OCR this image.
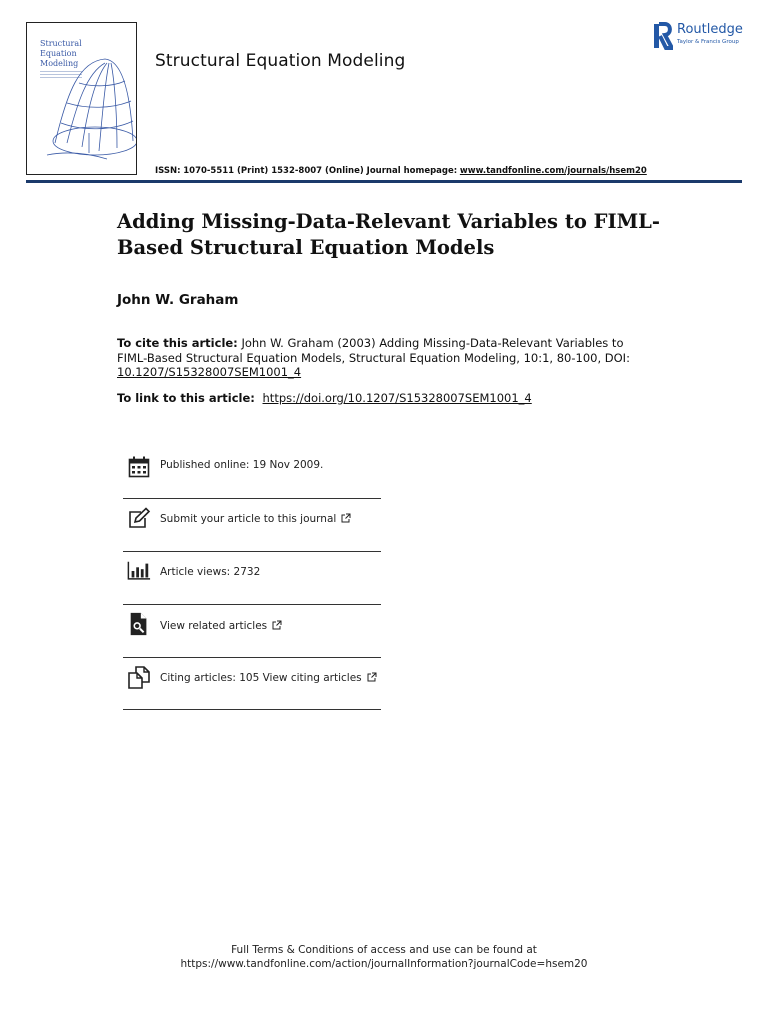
Structural
Equation
Modeling	Structural Equation Modeling
Routledge
Taylor & Francis Group
ISSN: 1070-5511 (Print) 1532-8007 (Online) Journal homepage: www.tandfonline.com/journals/hsem20
Adding Missing-Data-Relevant Variables to FIML-Based Structural Equation Models
John W. Graham
To cite this article: John W. Graham (2003) Adding Missing-Data-Relevant Variables to FIML-Based Structural Equation Models, Structural Equation Modeling, 10:1, 80-100, DOI: 10.1207/S15328007SEM1001_4
To link to this article: https://doi.org/10.1207/S15328007SEM1001_4
Published online: 19 Nov 2009.
Submit your article to this journal
Article views: 2732
View related articles
Citing articles: 105 View citing articles
Full Terms & Conditions of access and use can be found at
https://www.tandfonline.com/action/journalInformation?journalCode=hsem20
